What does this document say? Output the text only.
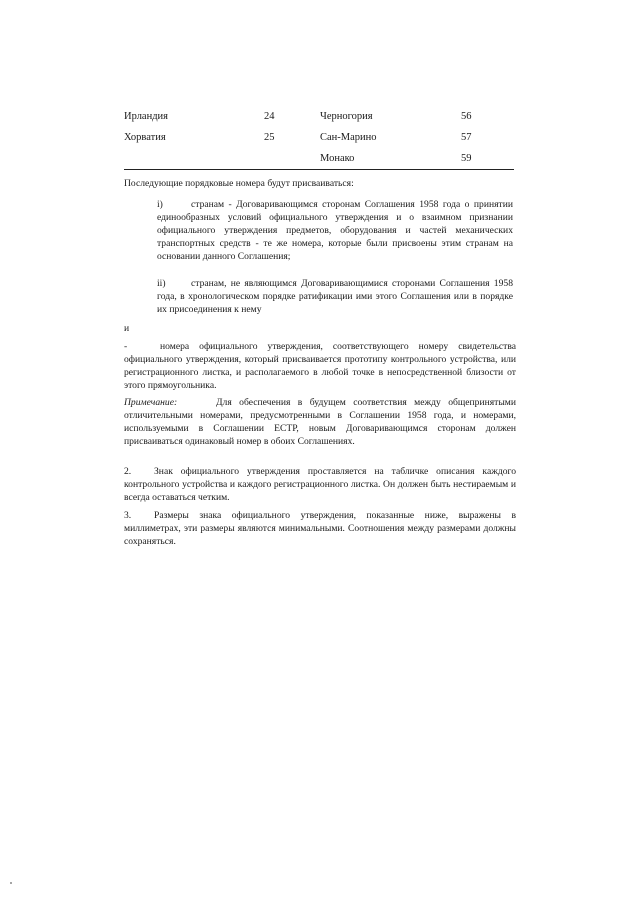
Ирландия	24	Черногория	56
Хорватия	25	Сан-Марино	57
Монако	59
Последующие порядковые номера будут присваиваться:
i)	странам - Договаривающимся сторонам Соглашения 1958 года о принятии единообразных условий официального утверждения и о взаимном признании официального утверждения предметов, оборудования и частей механических транспортных средств - те же номера, которые были присвоены этим странам на основании данного Соглашения;
ii)	странам, не являющимся Договаривающимися сторонами Соглашения 1958 года, в хронологическом порядке ратификации ими этого Соглашения или в порядке их присоединения к нему
и
-	номера официального утверждения, соответствующего номеру свидетельства официального утверждения, который присваивается прототипу контрольного устройства, или регистрационного листка, и располагаемого в любой точке в непосредственной близости от этого прямоугольника.
Примечание:	Для обеспечения в будущем соответствия между общепринятыми отличительными номерами, предусмотренными в Соглашении 1958 года, и номерами, используемыми в Соглашении ЕСТР, новым Договаривающимся сторонам должен присваиваться одинаковый номер в обоих Соглашениях.
2. Знак официального утверждения проставляется на табличке описания каждого контрольного устройства и каждого регистрационного листка. Он должен быть нестираемым и всегда оставаться четким.
3. Размеры знака официального утверждения, показанные ниже, выражены в миллиметрах, эти размеры являются минимальными. Соотношения между размерами должны сохраняться.
